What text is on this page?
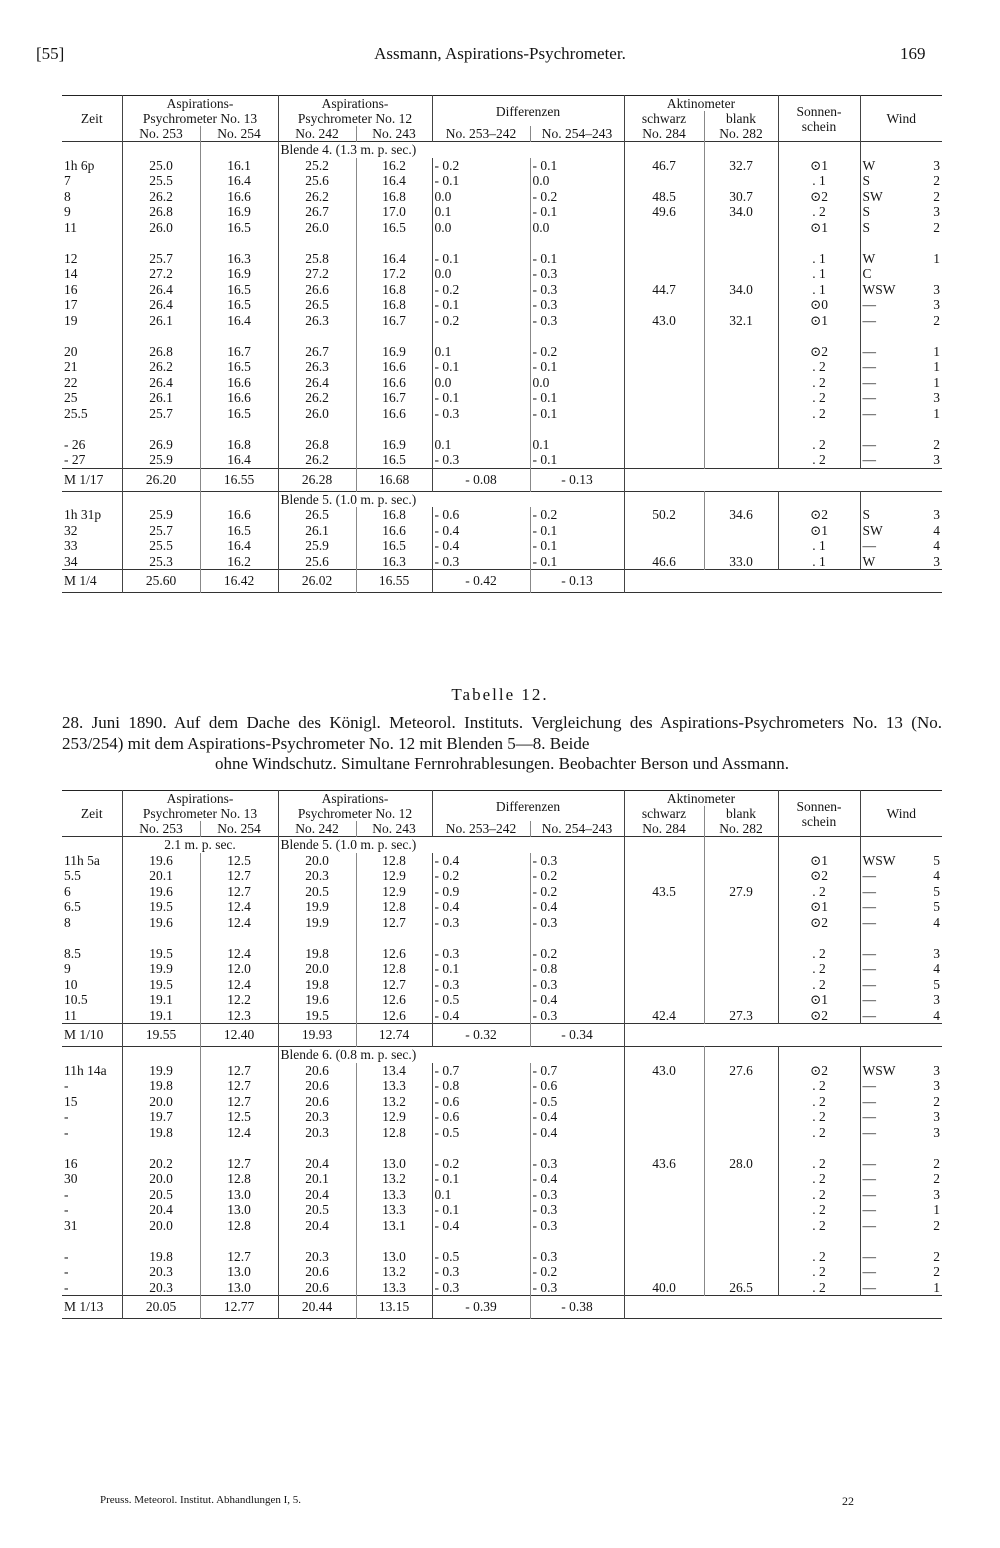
[55]	Assmann, Aspirations-Psychrometer.	169
Zeit	Aspirations-		Aspirations-		Differenzen		Aktinometer		Sonnen-
schein	Wind	
	Psychrometer No. 13		Psychrometer No. 12				schwarz	blank			
	No. 253	No. 254	No. 242	No. 243	No. 253–242	No. 254–243	No. 284	No. 282			
			Blende 4. (1.3 m. p. sec.)								
1h 6p	25.0	16.1	25.2	16.2	- 0.2	- 0.1	46.7	32.7	⊙1	W	3
7	25.5	16.4	25.6	16.4	- 0.1	0.0			. 1	S	2
8	26.2	16.6	26.2	16.8	0.0	- 0.2	48.5	30.7	⊙2	SW	2
9	26.8	16.9	26.7	17.0	0.1	- 0.1	49.6	34.0	. 2	S	3
11	26.0	16.5	26.0	16.5	0.0	0.0			⊙1	S	2

12	25.7	16.3	25.8	16.4	- 0.1	- 0.1			. 1	W	1
14	27.2	16.9	27.2	17.2	0.0	- 0.3			. 1	C	
16	26.4	16.5	26.6	16.8	- 0.2	- 0.3	44.7	34.0	. 1	WSW	3
17	26.4	16.5	26.5	16.8	- 0.1	- 0.3			⊙0	—	3
19	26.1	16.4	26.3	16.7	- 0.2	- 0.3	43.0	32.1	⊙1	—	2

20	26.8	16.7	26.7	16.9	0.1	- 0.2			⊙2	—	1
21	26.2	16.5	26.3	16.6	- 0.1	- 0.1			. 2	—	1
22	26.4	16.6	26.4	16.6	0.0	0.0			. 2	—	1
25	26.1	16.6	26.2	16.7	- 0.1	- 0.1			. 2	—	3
25.5	25.7	16.5	26.0	16.6	- 0.3	- 0.1			. 2	—	1

- 26	26.9	16.8	26.8	16.9	0.1	0.1			. 2	—	2
- 27	25.9	16.4	26.2	16.5	- 0.3	- 0.1			. 2	—	3
M 1/17	26.20	16.55	26.28	16.68	- 0.08	- 0.13					
			Blende 5. (1.0 m. p. sec.)								
1h 31p	25.9	16.6	26.5	16.8	- 0.6	- 0.2	50.2	34.6	⊙2	S	3
32	25.7	16.5	26.1	16.6	- 0.4	- 0.1			⊙1	SW	4
33	25.5	16.4	25.9	16.5	- 0.4	- 0.1			. 1	—	4
34	25.3	16.2	25.6	16.3	- 0.3	- 0.1	46.6	33.0	. 1	W	3
M 1/4	25.60	16.42	26.02	16.55	- 0.42	- 0.13					
Tabelle 12.
28. Juni 1890. Auf dem Dache des Königl. Meteorol. Instituts. Vergleichung des Aspirations-Psychrometers No. 13 (No. 253/254) mit dem Aspirations-Psychrometer No. 12 mit Blenden 5—8. Beide
ohne Windschutz. Simultane Fernrohrablesungen. Beobachter Berson und Assmann.
Zeit	Aspirations-		Aspirations-		Differenzen		Aktinometer		Sonnen-
schein	Wind	
	Psychrometer No. 13		Psychrometer No. 12				schwarz	blank			
	No. 253	No. 254	No. 242	No. 243	No. 253–242	No. 254–243	No. 284	No. 282			
	2.1 m. p. sec.		Blende 5. (1.0 m. p. sec.)								
11h 5a	19.6	12.5	20.0	12.8	- 0.4	- 0.3			⊙1	WSW	5
5.5	20.1	12.7	20.3	12.9	- 0.2	- 0.2			⊙2	—	4
6	19.6	12.7	20.5	12.9	- 0.9	- 0.2	43.5	27.9	. 2	—	5
6.5	19.5	12.4	19.9	12.8	- 0.4	- 0.4			⊙1	—	5
8	19.6	12.4	19.9	12.7	- 0.3	- 0.3			⊙2	—	4

8.5	19.5	12.4	19.8	12.6	- 0.3	- 0.2			. 2	—	3
9	19.9	12.0	20.0	12.8	- 0.1	- 0.8			. 2	—	4
10	19.5	12.4	19.8	12.7	- 0.3	- 0.3			. 2	—	5
10.5	19.1	12.2	19.6	12.6	- 0.5	- 0.4			⊙1	—	3
11	19.1	12.3	19.5	12.6	- 0.4	- 0.3	42.4	27.3	⊙2	—	4
M 1/10	19.55	12.40	19.93	12.74	- 0.32	- 0.34					
			Blende 6. (0.8 m. p. sec.)								
11h 14a	19.9	12.7	20.6	13.4	- 0.7	- 0.7	43.0	27.6	⊙2	WSW	3
-	19.8	12.7	20.6	13.3	- 0.8	- 0.6			. 2	—	3
15	20.0	12.7	20.6	13.2	- 0.6	- 0.5			. 2	—	2
-	19.7	12.5	20.3	12.9	- 0.6	- 0.4			. 2	—	3
-	19.8	12.4	20.3	12.8	- 0.5	- 0.4			. 2	—	3

16	20.2	12.7	20.4	13.0	- 0.2	- 0.3	43.6	28.0	. 2	—	2
30	20.0	12.8	20.1	13.2	- 0.1	- 0.4			. 2	—	2
-	20.5	13.0	20.4	13.3	0.1	- 0.3			. 2	—	3
-	20.4	13.0	20.5	13.3	- 0.1	- 0.3			. 2	—	1
31	20.0	12.8	20.4	13.1	- 0.4	- 0.3			. 2	—	2

-	19.8	12.7	20.3	13.0	- 0.5	- 0.3			. 2	—	2
-	20.3	13.0	20.6	13.2	- 0.3	- 0.2			. 2	—	2
-	20.3	13.0	20.6	13.3	- 0.3	- 0.3	40.0	26.5	. 2	—	1
M 1/13	20.05	12.77	20.44	13.15	- 0.39	- 0.38					
Preuss. Meteorol. Institut. Abhandlungen I, 5.	22
